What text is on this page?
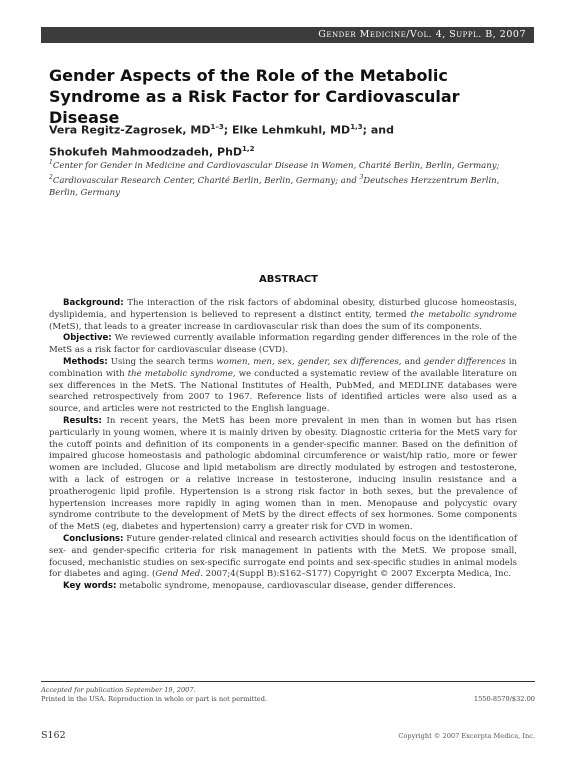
Gender Medicine/Vol. 4, Suppl. B, 2007
Gender Aspects of the Role of the Metabolic Syndrome as a Risk Factor for Cardiovascular Disease
Vera Regitz-Zagrosek, MD$^{1-3}$; Elke Lehmkuhl, MD$^{1,3}$; and
Shokufeh Mahmoodzadeh, PhD$^{1,2}$
$^1$Center for Gender in Medicine and Cardiovascular Disease in Women, Charité Berlin, Berlin, Germany; $^2$Cardiovascular Research Center, Charité Berlin, Berlin, Germany; and $^3$Deutsches Herzzentrum Berlin, Berlin, Germany
ABSTRACT

Background: The interaction of the risk factors of abdominal obesity, disturbed glucose homeostasis, dyslipidemia, and hypertension is believed to represent a distinct entity, termed the metabolic syndrome (MetS), that leads to a greater increase in cardiovascular risk than does the sum of its components.

Objective: We reviewed currently available information regarding gender differences in the role of the MetS as a risk factor for cardiovascular disease (CVD).

Methods: Using the search terms women, men, sex, gender, sex differences, and gender differences in combination with the metabolic syndrome, we conducted a systematic review of the available literature on sex differences in the MetS. The National Institutes of Health, PubMed, and MEDLINE databases were searched retrospectively from 2007 to 1967. Reference lists of identified articles were also used as a source, and articles were not restricted to the English language.

Results: In recent years, the MetS has been more prevalent in men than in women but has risen particularly in young women, where it is mainly driven by obesity. Diagnostic criteria for the MetS vary for the cutoff points and definition of its components in a gender-specific manner. Based on the definition of impaired glucose homeostasis and pathologic abdominal circumference or waist/hip ratio, more or fewer women are included. Glucose and lipid metabolism are directly modulated by estrogen and testosterone, with a lack of estrogen or a relative increase in testosterone, inducing insulin resistance and a proatherogenic lipid profile. Hypertension is a strong risk factor in both sexes, but the prevalence of hypertension increases more rapidly in aging women than in men. Menopause and polycystic ovary syndrome contribute to the development of MetS by the direct effects of sex hormones. Some components of the MetS (eg, diabetes and hypertension) carry a greater risk for CVD in women.

Conclusions: Future gender-related clinical and research activities should focus on the identification of sex- and gender-specific criteria for risk management in patients with the MetS. We propose small, focused, mechanistic studies on sex-specific surrogate end points and sex-specific studies in animal models for diabetes and aging. (Gend Med. 2007;4(Suppl B):S162–S177) Copyright © 2007 Excerpta Medica, Inc.

Key words: metabolic syndrome, menopause, cardiovascular disease, gender differences.

Accepted for publication September 19, 2007.
Printed in the USA. Reproduction in whole or part is not permitted.	1550-8579/$32.00
S162	Copyright © 2007 Excerpta Medica, Inc.
